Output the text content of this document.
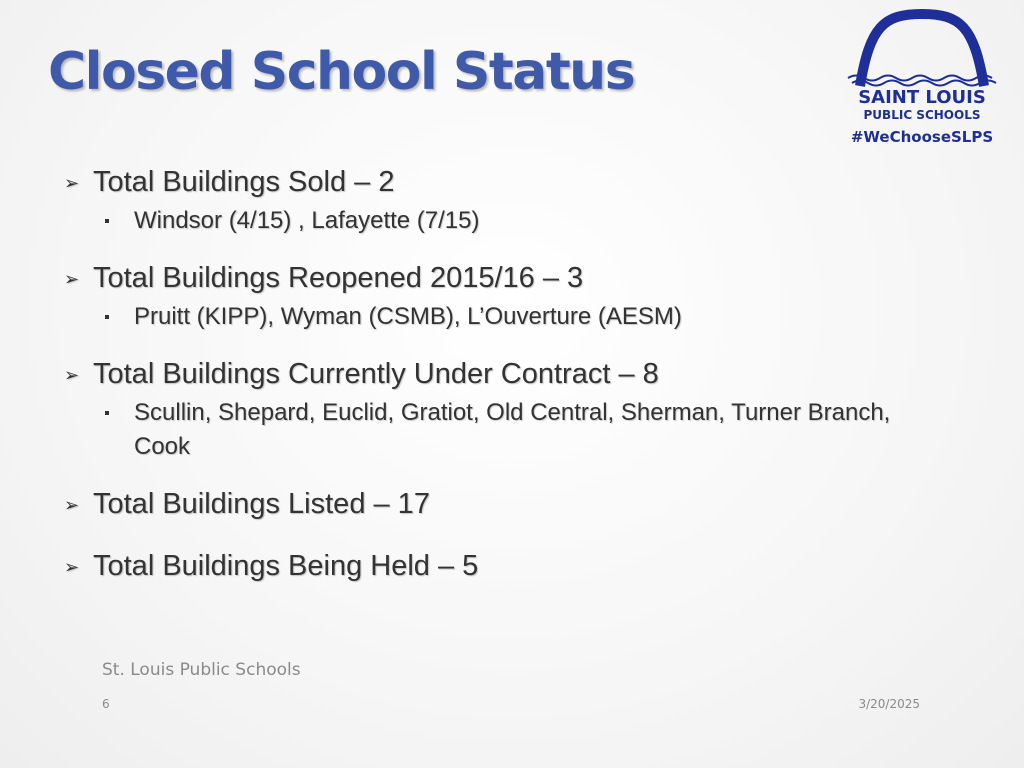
Closed School Status	SAINT LOUIS
PUBLIC SCHOOLS
#WeChooseSLPS
➢ Total Buildings Sold – 2
Windsor (4/15) , Lafayette (7/15)
➢ Total Buildings Reopened 2015/16 – 3
Pruitt (KIPP), Wyman (CSMB), L’Ouverture (AESM)
➢ Total Buildings Currently Under Contract – 8
Scullin, Shepard, Euclid, Gratiot, Old Central, Sherman, Turner Branch, Cook
➢ Total Buildings Listed – 17
➢ Total Buildings Being Held – 5
St. Louis Public Schools
6	3/20/2025
